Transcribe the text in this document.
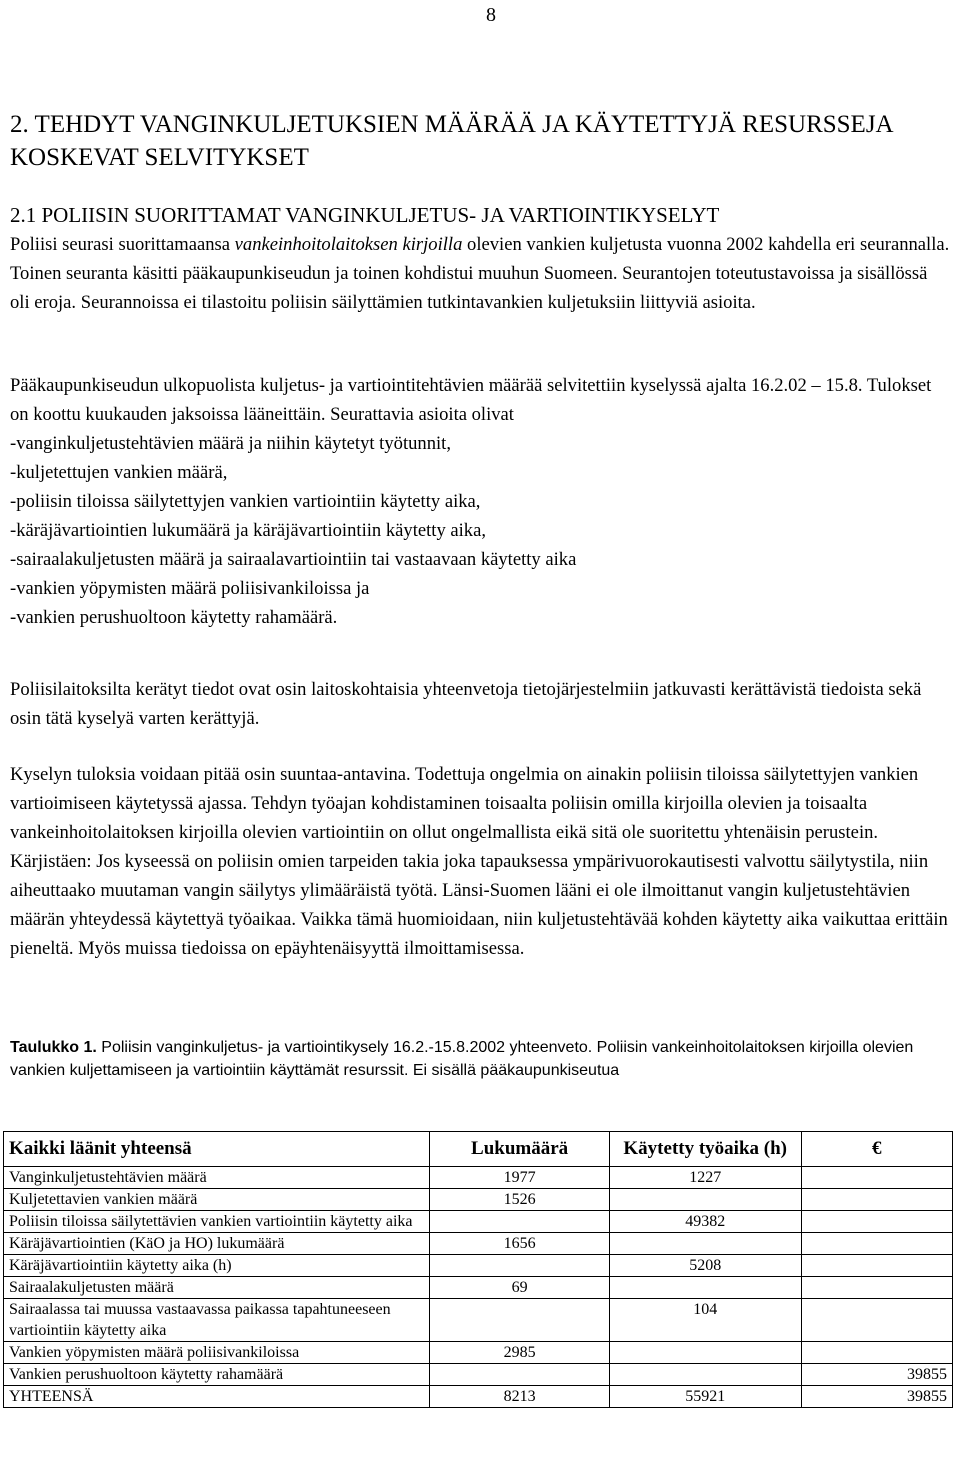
8
2. TEHDYT VANGINKULJETUKSIEN MÄÄRÄÄ JA KÄYTETTYJÄ RESURSSEJA KOSKEVAT SELVITYKSET
2.1 POLIISIN SUORITTAMAT VANGINKULJETUS- JA VARTIOINTIKYSELYT
Poliisi seurasi suorittamaansa vankeinhoitolaitoksen kirjoilla olevien vankien kuljetusta vuonna 2002 kahdella eri seurannalla. Toinen seuranta käsitti pääkaupunkiseudun ja toinen kohdistui muuhun Suomeen. Seurantojen toteutustavoissa ja sisällössä oli eroja. Seurannoissa ei tilastoitu poliisin säilyttämien tutkintavankien kuljetuksiin liittyviä asioita.

Pääkaupunkiseudun ulkopuolista kuljetus- ja vartiointitehtävien määrää selvitettiin kyselyssä ajalta 16.2.02 – 15.8. Tulokset on koottu kuukauden jaksoissa lääneittäin. Seurattavia asioita olivat

-vanginkuljetustehtävien määrä ja niihin käytetyt työtunnit,
-kuljetettujen vankien määrä,
-poliisin tiloissa säilytettyjen vankien vartiointiin käytetty aika,
-käräjävartiointien lukumäärä ja käräjävartiointiin käytetty aika,
-sairaalakuljetusten määrä ja sairaalavartiointiin tai vastaavaan käytetty aika
-vankien yöpymisten määrä poliisivankiloissa ja
-vankien perushuoltoon käytetty rahamäärä.
Poliisilaitoksilta kerätyt tiedot ovat osin laitoskohtaisia yhteenvetoja tietojärjestelmiin jatkuvasti kerättävistä tiedoista sekä osin tätä kyselyä varten kerättyjä.
Kyselyn tuloksia voidaan pitää osin suuntaa-antavina. Todettuja ongelmia on ainakin poliisin tiloissa säilytettyjen vankien vartioimiseen käytetyssä ajassa. Tehdyn työajan kohdistaminen toisaalta poliisin omilla kirjoilla olevien ja toisaalta vankeinhoitolaitoksen kirjoilla olevien vartiointiin on ollut ongelmallista eikä sitä ole suoritettu yhtenäisin perustein. Kärjistäen: Jos kyseessä on poliisin omien tarpeiden takia joka tapauksessa ympärivuorokautisesti valvottu säilytystila, niin aiheuttaako muutaman vangin säilytys ylimääräistä työtä. Länsi-Suomen lääni ei ole ilmoittanut vangin kuljetustehtävien määrän yhteydessä käytettyä työaikaa. Vaikka tämä huomioidaan, niin kuljetustehtävää kohden käytetty aika vaikuttaa erittäin pieneltä. Myös muissa tiedoissa on epäyhtenäisyyttä ilmoittamisessa.
Taulukko 1. Poliisin vanginkuljetus- ja vartiointikysely 16.2.-15.8.2002 yhteenveto. Poliisin vankeinhoitolaitoksen kirjoilla olevien vankien kuljettamiseen ja vartiointiin käyttämät resurssit. Ei sisällä pääkaupunkiseutua
Kaikki läänit yhteensä	Lukumäärä	Käytetty työaika (h)	€
Vanginkuljetustehtävien määrä	1977	1227	
Kuljetettavien vankien määrä	1526		
Poliisin tiloissa säilytettävien vankien vartiointiin käytetty aika		49382	
Käräjävartiointien (KäO ja HO) lukumäärä	1656		
Käräjävartiointiin käytetty aika (h)		5208	
Sairaalakuljetusten määrä	69		
Sairaalassa tai muussa vastaavassa paikassa tapahtuneeseen vartiointiin käytetty aika		104	
Vankien yöpymisten määrä poliisivankiloissa	2985		
Vankien perushuoltoon käytetty rahamäärä			39855
YHTEENSÄ	8213	55921	39855
